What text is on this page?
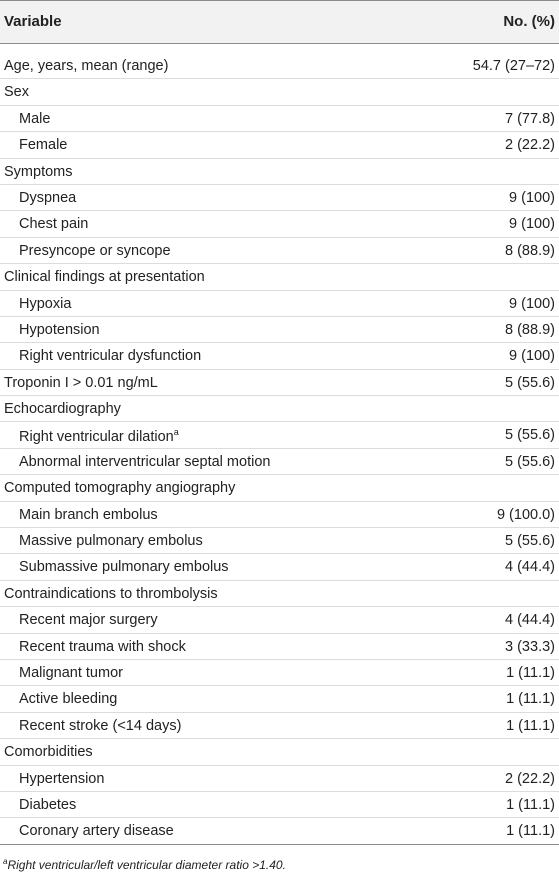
Variable	No. (%)
Age, years, mean (range)	54.7 (27–72)
Sex
Male	7 (77.8)
Female	2 (22.2)
Symptoms
Dyspnea	9 (100)
Chest pain	9 (100)
Presyncope or syncope	8 (88.9)
Clinical findings at presentation
Hypoxia	9 (100)
Hypotension	8 (88.9)
Right ventricular dysfunction	9 (100)
Troponin I > 0.01 ng/mL	5 (55.6)
Echocardiography
Right ventricular dilation$^a$	5 (55.6)
Abnormal interventricular septal motion	5 (55.6)
Computed tomography angiography
Main branch embolus	9 (100.0)
Massive pulmonary embolus	5 (55.6)
Submassive pulmonary embolus	4 (44.4)
Contraindications to thrombolysis
Recent major surgery	4 (44.4)
Recent trauma with shock	3 (33.3)
Malignant tumor	1 (11.1)
Active bleeding	1 (11.1)
Recent stroke (<14 days)	1 (11.1)
Comorbidities
Hypertension	2 (22.2)
Diabetes	1 (11.1)
Coronary artery disease	1 (11.1)
$^a$Right ventricular/left ventricular diameter ratio >1.40.
